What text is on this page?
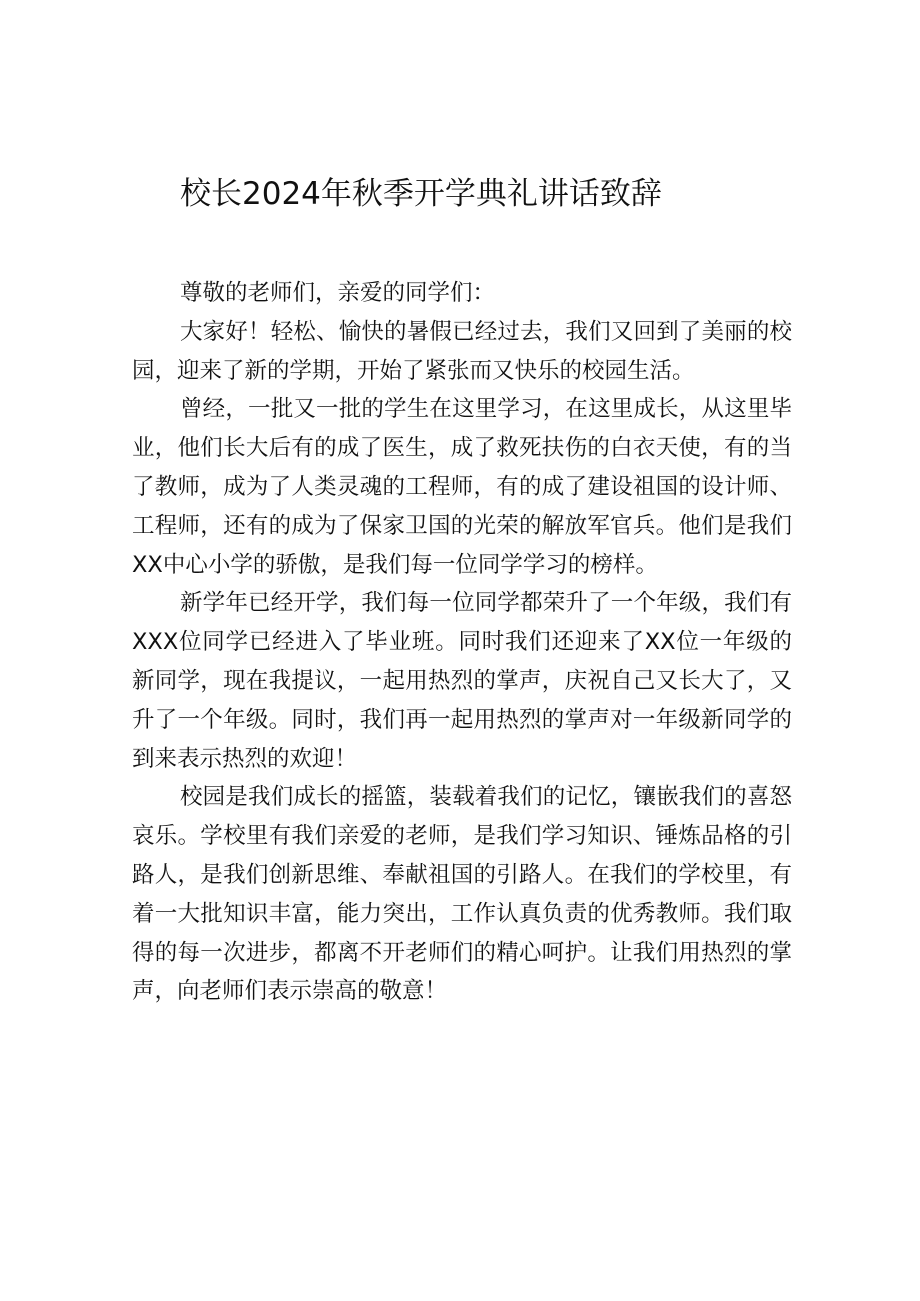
校长2024年秋季开学典礼讲话致辞

尊敬的老师们，亲爱的同学们：

大家好！轻松、愉快的暑假已经过去，我们又回到了美丽的校园，迎来了新的学期，开始了紧张而又快乐的校园生活。

曾经，一批又一批的学生在这里学习，在这里成长，从这里毕业，他们长大后有的成了医生，成了救死扶伤的白衣天使，有的当了教师，成为了人类灵魂的工程师，有的成了建设祖国的设计师、工程师，还有的成为了保家卫国的光荣的解放军官兵。他们是我们XX中心小学的骄傲，是我们每一位同学学习的榜样。

新学年已经开学，我们每一位同学都荣升了一个年级，我们有XXX位同学已经进入了毕业班。同时我们还迎来了XX位一年级的新同学，现在我提议，一起用热烈的掌声，庆祝自己又长大了，又升了一个年级。同时，我们再一起用热烈的掌声对一年级新同学的到来表示热烈的欢迎！

校园是我们成长的摇篮，装载着我们的记忆，镶嵌我们的喜怒哀乐。学校里有我们亲爱的老师，是我们学习知识、锤炼品格的引路人，是我们创新思维、奉献祖国的引路人。在我们的学校里，有着一大批知识丰富，能力突出，工作认真负责的优秀教师。我们取得的每一次进步，都离不开老师们的精心呵护。让我们用热烈的掌声，向老师们表示崇高的敬意！
